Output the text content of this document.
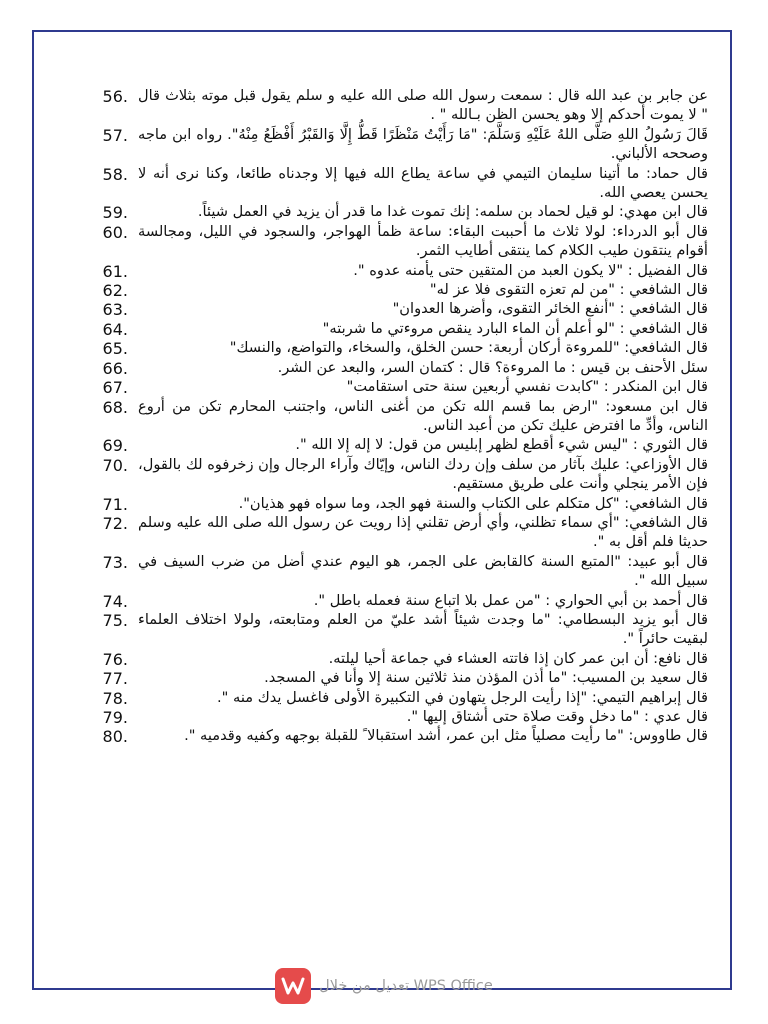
عن جابر بن عبد الله قال : سمعت رسول الله صلى الله عليه و سلم يقول قبل موته بثلاث قال " لا يموت أحدكم إلا وهو يحسن الظن بـالله " .
56.
قَالَ رَسُولُ اللهِ صَلَّى اللهُ عَلَيْهِ وَسَلَّمَ: "مَا رَأَيْتُ مَنْظَرًا قَطُّ إِلَّا وَالقَبْرُ أَفْظَعُ مِنْهُ". رواه ابن ماجه وصححه الألباني.
57.
قال حماد: ما أتينا سليمان التيمي في ساعة يطاع الله فيها إلا وجدناه طائعا، وكنا نرى أنه لا يحسن يعصي الله.
58.
قال ابن مهدي: لو قيل لحماد بن سلمه: إنك تموت غدا ما قدر أن يزيد في العمل شيئاً.
59.
قال أبو الدرداء: لولا ثلاث ما أحببت البقاء: ساعة ظمأ الهواجر، والسجود في الليل، ومجالسة أقوام ينتقون طيب الكلام كما ينتقى أطايب الثمر.
60.
قال الفضيل : "لا يكون العبد من المتقين حتى يأمنه عدوه ".
61.
قال الشافعي : "من لم تعزه التقوى فلا عز له"
62.
قال الشافعي : "أنفع الخائر التقوى، وأضرها العدوان"
63.
قال الشافعي : "لو أعلم أن الماء البارد ينقص مروءتي ما شربته"
64.
قال الشافعي: "للمروءة أركان أربعة: حسن الخلق، والسخاء، والتواضع، والنسك"
65.
سئل الأحنف بن قيس : ما المروءة؟ قال : كتمان السر، والبعد عن الشر.
66.
قال ابن المنكدر : "كابدت نفسي أربعين سنة حتى استقامت"
67.
قال ابن مسعود: "ارض بما قسم الله تكن من أغنى الناس، واجتنب المحارم تكن من أروع الناس، وأدِّ ما افترض عليك تكن من أعبد الناس.
68.
قال الثوري : "ليس شيء أقطع لظهر إبليس من قول: لا إله إلا الله ".
69.
قال الأوزاعي: عليك بآثار من سلف وإن ردك الناس، وإيّاك وآراء الرجال وإن زخرفوه لك بالقول، فإن الأمر ينجلي وأنت على طريق مستقيم.
70.
قال الشافعي: "كل متكلم على الكتاب والسنة فهو الجد، وما سواه فهو هذيان".
71.
قال الشافعي: "أي سماء تظلني، وأي أرض تقلني إذا رويت عن رسول الله صلى الله عليه وسلم حديثا فلم أقل به ".
72.
قال أبو عبيد: "المتبع السنة كالقابض على الجمر، هو اليوم عندي أضل من ضرب السيف في سبيل الله ".
73.
قال أحمد بن أبي الحواري : "من عمل بلا اتباع سنة فعمله باطل ".
74.
قال أبو يزيد البسطامي: "ما وجدت شيئاً أشد عليّ من العلم ومتابعته، ولولا اختلاف العلماء لبقيت حائراً ".
75.
قال نافع: أن ابن عمر كان إذا فاتته العشاء في جماعة أحيا ليلته.
76.
قال سعيد بن المسيب: "ما أذن المؤذن منذ ثلاثين سنة إلا وأنا في المسجد.
77.
قال إبراهيم التيمي: "إذا رأيت الرجل يتهاون في التكبيرة الأولى فاغسل يدك منه ".
78.
قال عدي : "ما دخل وقت صلاة حتى أشتاق إليها ".
79.
قال طاووس: "ما رأيت مصلياً مثل ابن عمر، أشد استقبالا ً للقبلة بوجهه وكفيه وقدميه ".
80.
تعديل من خلال WPS Office
